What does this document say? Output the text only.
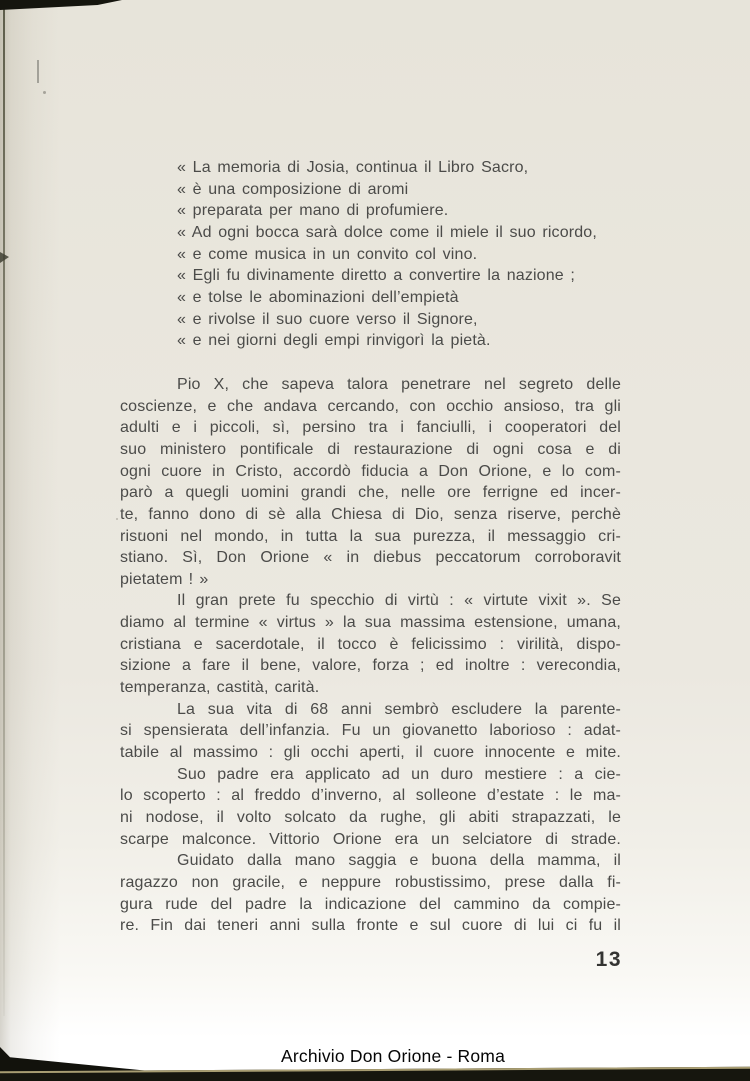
« La memoria di Josia, continua il Libro Sacro,
« è una composizione di aromi
« preparata per mano di profumiere.
« Ad ogni bocca sarà dolce come il miele il suo ricordo,
« e come musica in un convito col vino.
« Egli fu divinamente diretto a convertire la nazione ;
« e tolse le abominazioni dell’empietà
« e rivolse il suo cuore verso il Signore,
« e nei giorni degli empi rinvigorì la pietà.
Pio X, che sapeva talora penetrare nel segreto delle
coscienze, e che andava cercando, con occhio ansioso, tra gli
adulti e i piccoli, sì, persino tra i fanciulli, i cooperatori del
suo ministero pontificale di restaurazione di ogni cosa e di
ogni cuore in Cristo, accordò fiducia a Don Orione, e lo com-
parò a quegli uomini grandi che, nelle ore ferrigne ed incer-
te, fanno dono di sè alla Chiesa di Dio, senza riserve, perchè
risuoni nel mondo, in tutta la sua purezza, il messaggio cri-
stiano. Sì, Don Orione « in diebus peccatorum corroboravit
pietatem ! »
Il gran prete fu specchio di virtù : « virtute vixit ». Se
diamo al termine « virtus » la sua massima estensione, umana,
cristiana e sacerdotale, il tocco è felicissimo : virilità, dispo-
sizione a fare il bene, valore, forza ; ed inoltre : verecondia,
temperanza, castità, carità.
La sua vita di 68 anni sembrò escludere la parente-
si spensierata dell’infanzia. Fu un giovanetto laborioso : adat-
tabile al massimo : gli occhi aperti, il cuore innocente e mite.
Suo padre era applicato ad un duro mestiere : a cie-
lo scoperto : al freddo d’inverno, al solleone d’estate : le ma-
ni nodose, il volto solcato da rughe, gli abiti strapazzati, le
scarpe malconce. Vittorio Orione era un selciatore di strade.
Guidato dalla mano saggia e buona della mamma, il
ragazzo non gracile, e neppure robustissimo, prese dalla fi-
gura rude del padre la indicazione del cammino da compie-
re. Fin dai teneri anni sulla fronte e sul cuore di lui ci fu il
13
Archivio Don Orione - Roma
